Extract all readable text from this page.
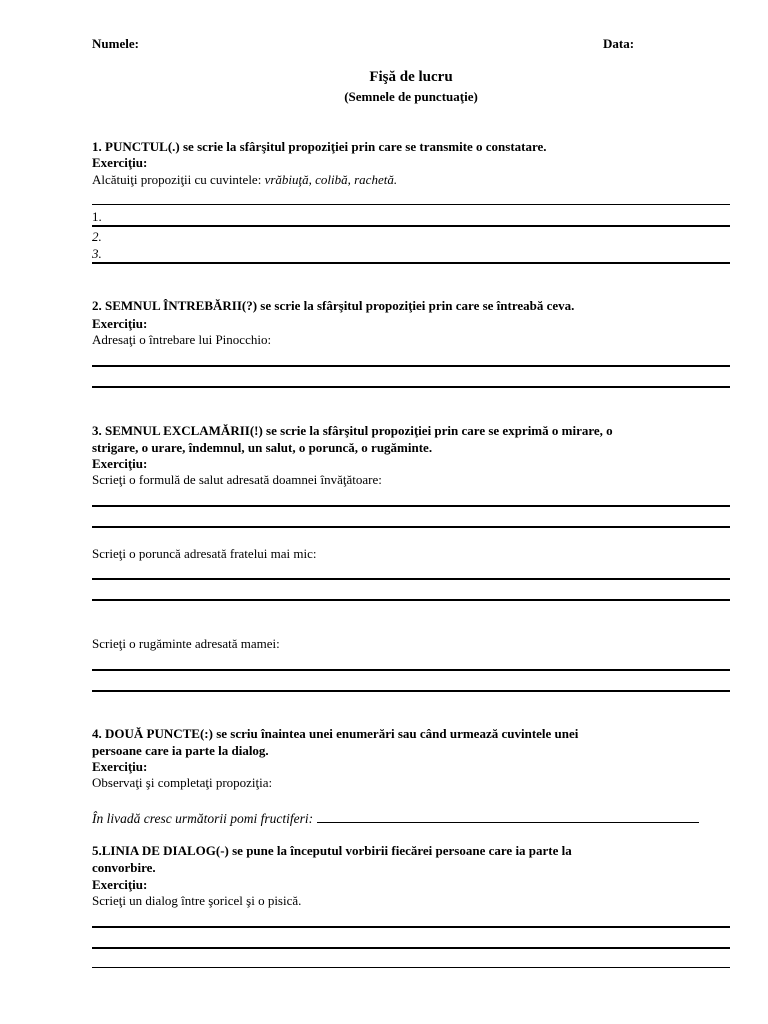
Numele:	Data:
Fişă de lucru
(Semnele de punctuaţie)
1. PUNCTUL(.) se scrie la sfârşitul propoziţiei prin care se transmite o constatare.
Exerciţiu:
Alcătuiţi propoziţii cu cuvintele: vrăbiuţă, colibă, rachetă.
1.
2.
3.
2. SEMNUL ÎNTREBĂRII(?) se scrie la sfârşitul propoziţiei prin care se întreabă ceva.
Exerciţiu:
Adresaţi o întrebare lui Pinocchio:
3. SEMNUL EXCLAMĂRII(!) se scrie la sfârşitul propoziţiei prin care se exprimă o mirare, o
strigare, o urare, îndemnul, un salut, o poruncă, o rugăminte.
Exerciţiu:
Scrieţi o formulă de salut adresată doamnei învăţătoare:
Scrieţi o poruncă adresată fratelui mai mic:
Scrieţi o rugăminte adresată mamei:
4. DOUĂ PUNCTE(:) se scriu înaintea unei enumerări sau când urmează cuvintele unei
persoane care ia parte la dialog.
Exerciţiu:
Observaţi şi completaţi propoziţia:
În livadă cresc următorii pomi fructiferi:
5.LINIA DE DIALOG(-) se pune la începutul vorbirii fiecărei persoane care ia parte la
convorbire.
Exerciţiu:
Scrieţi un dialog între şoricel şi o pisică.
